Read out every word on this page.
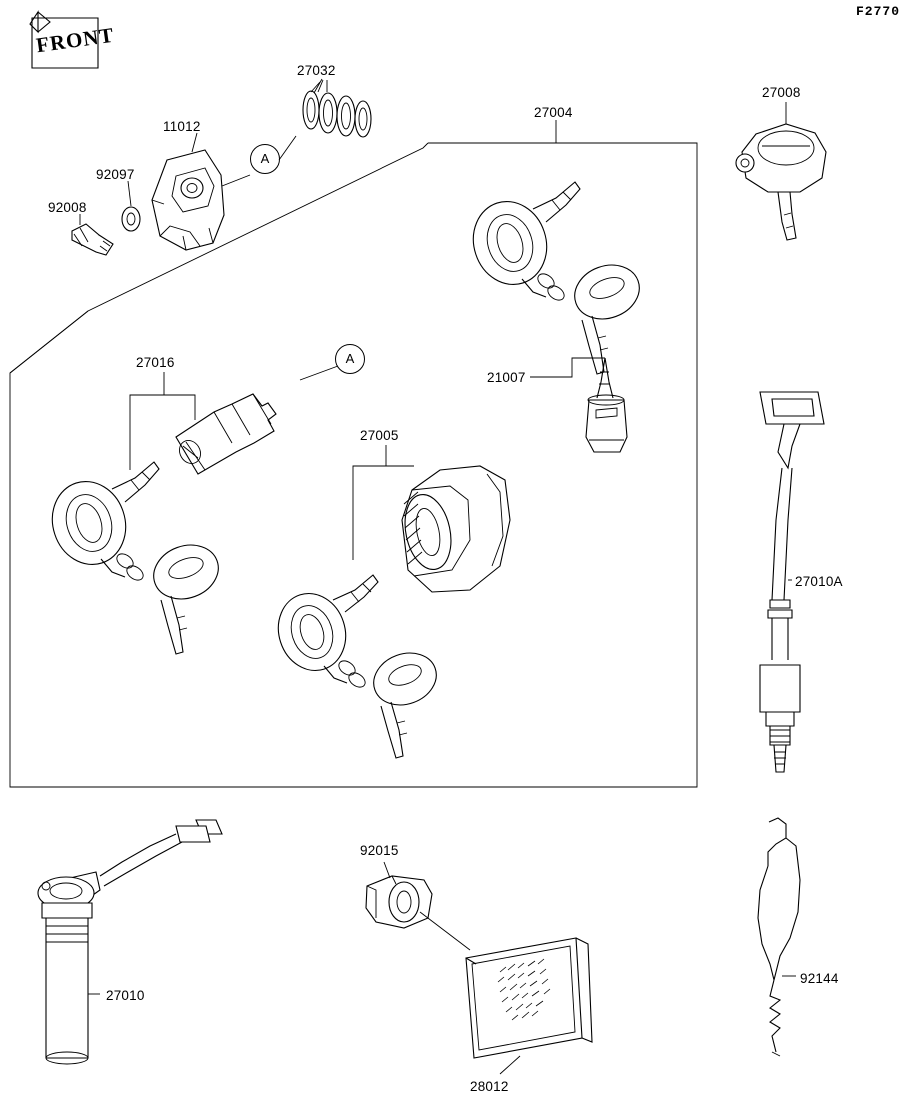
F2770
FRONT
A
A
27032
11012
92097
92008
27004
27008
21007
27016
27005
27010A
27010
92015
28012
92144
